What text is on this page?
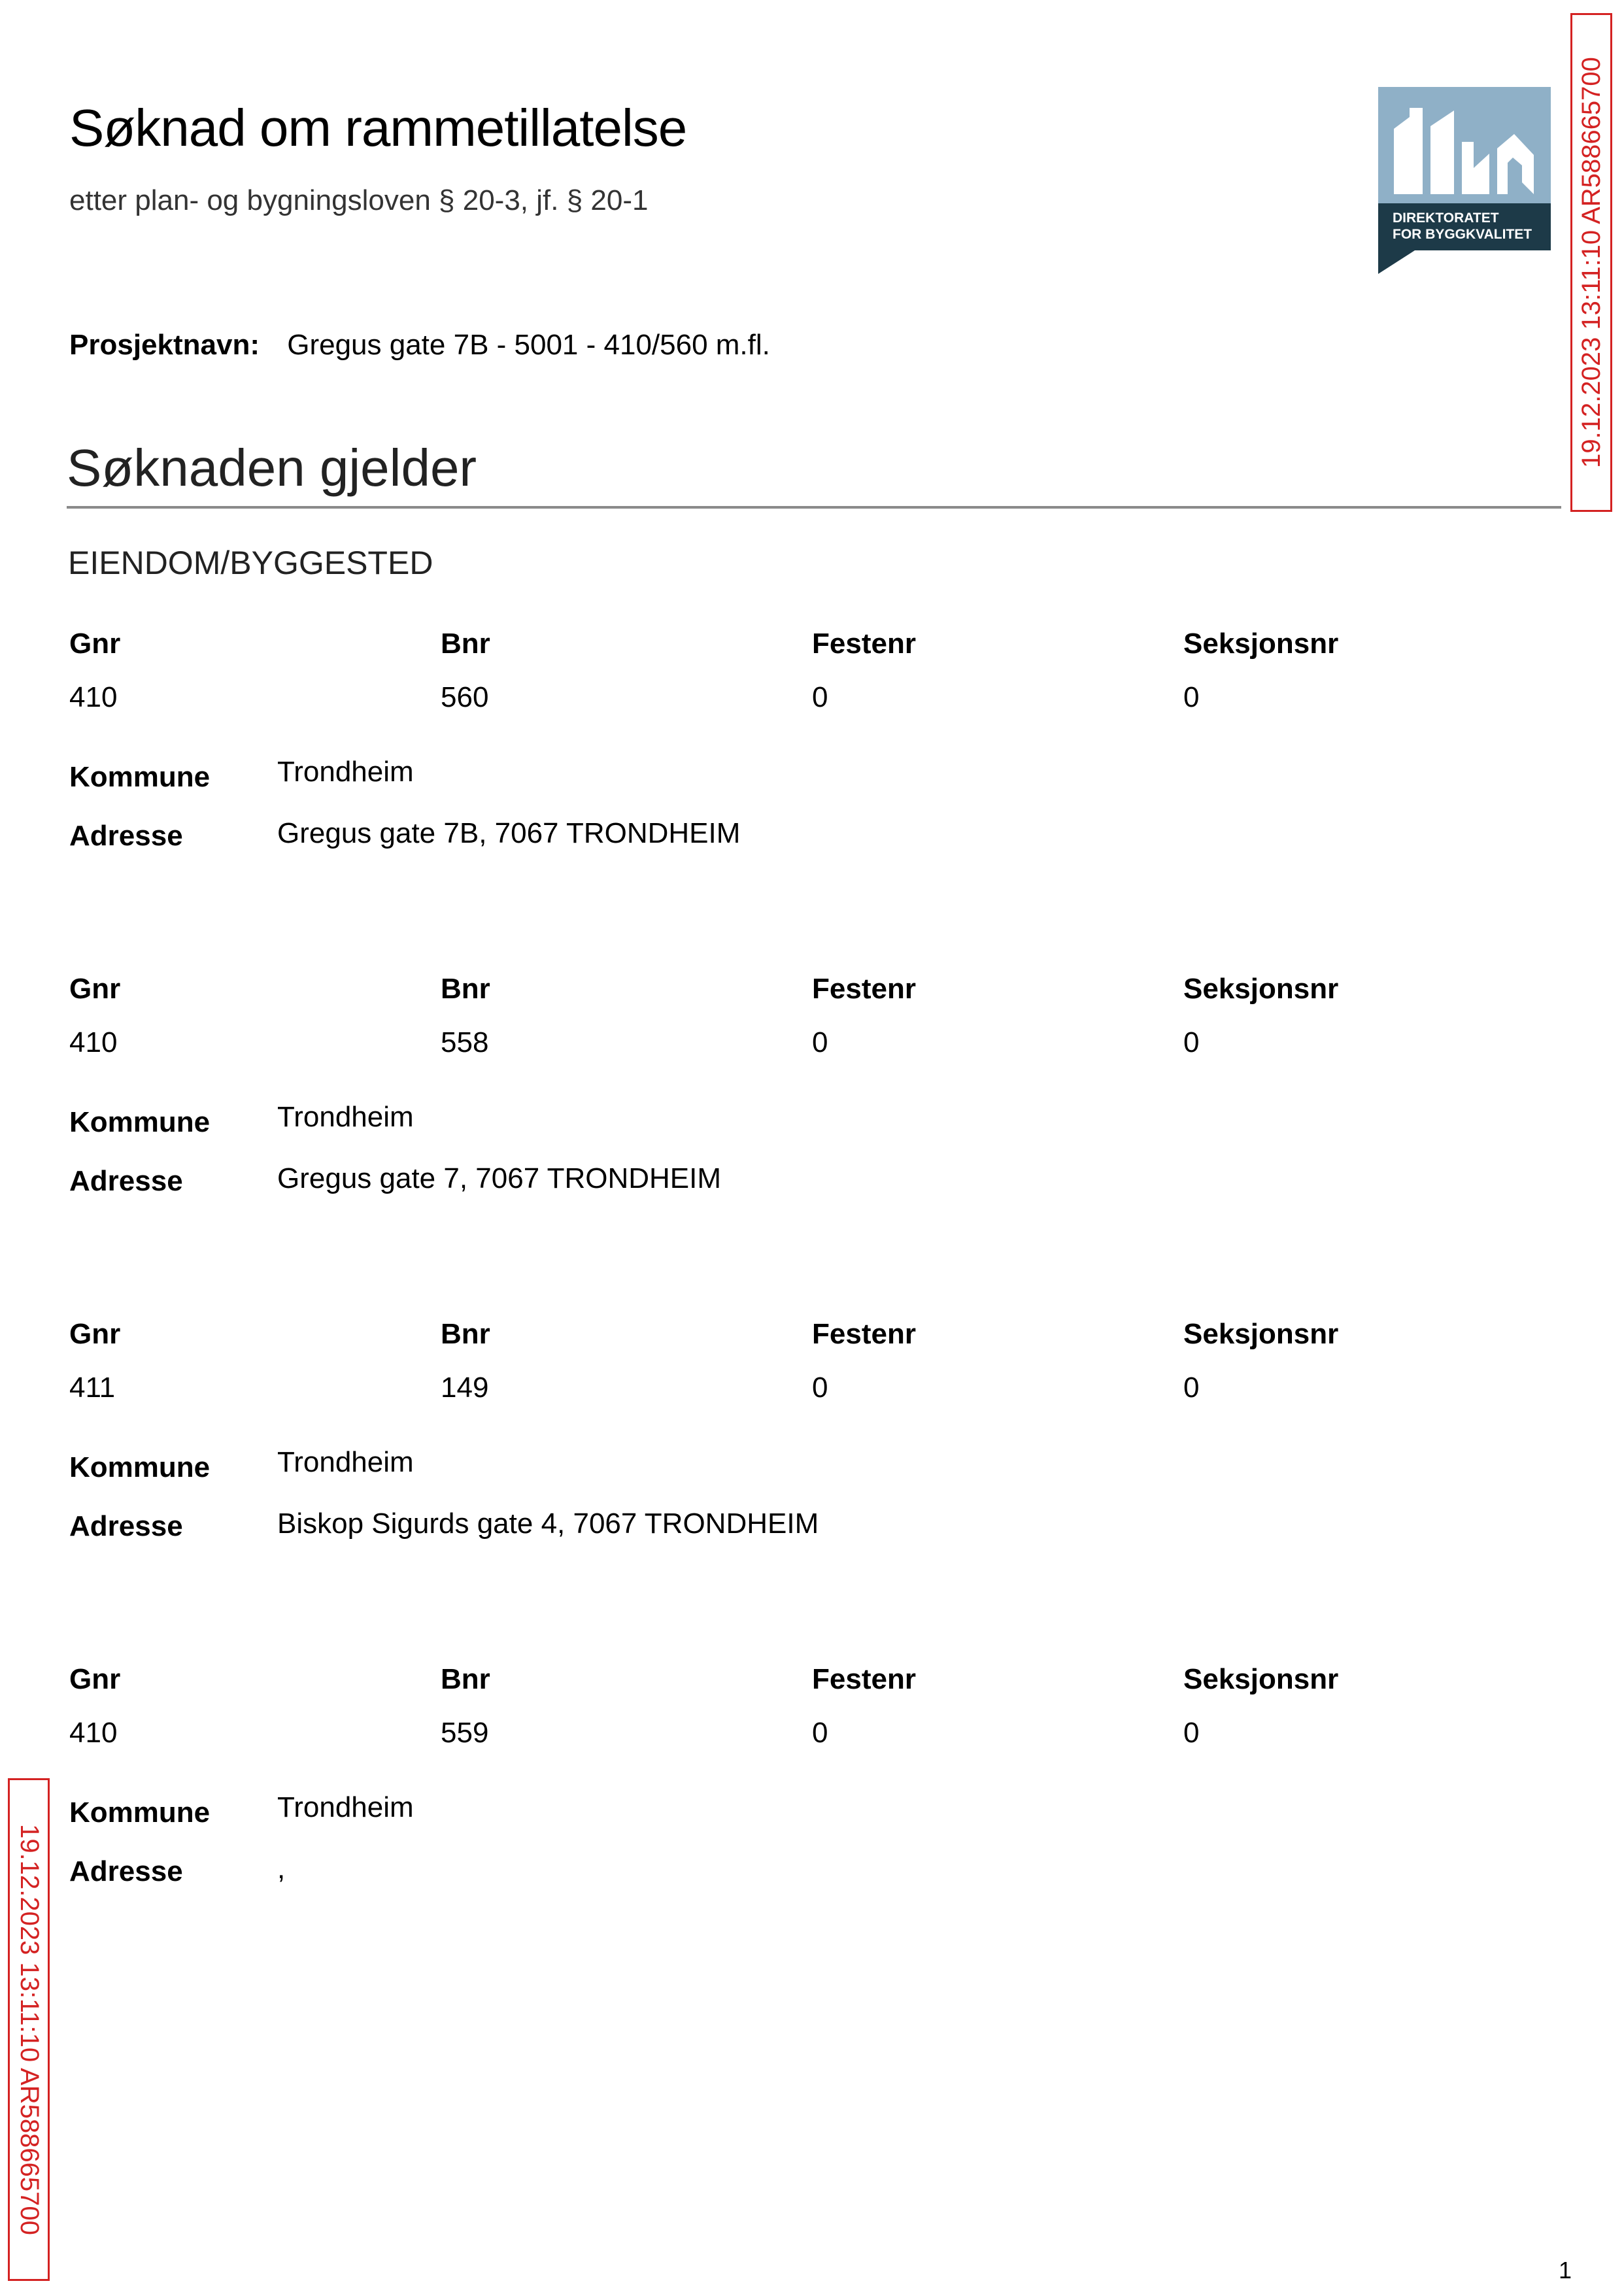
Søknad om rammetillatelse
etter plan- og bygningsloven § 20-3, jf. § 20-1
DIREKTORATET
FOR BYGGKVALITET 19.12.2023 13:11:10 AR588665700
19.12.2023 13:11:10 AR588665700
Prosjektnavn: Gregus gate 7B - 5001 - 410/560 m.fl.
Søknaden gjelder
EIENDOM/BYGGESTED
Gnr	Bnr	Festenr	Seksjonsnr
410	560	0	0
Kommune Trondheim
Adresse	Gregus gate 7B, 7067 TRONDHEIM
Gnr	Bnr	Festenr	Seksjonsnr
410	558	0	0
Kommune Trondheim
Adresse	Gregus gate 7, 7067 TRONDHEIM
Gnr	Bnr	Festenr	Seksjonsnr
411	149	0	0
Kommune Trondheim
Adresse	Biskop Sigurds gate 4, 7067 TRONDHEIM
Gnr	Bnr	Festenr	Seksjonsnr
410	559	0	0
Kommune Trondheim
Adresse	,
1
